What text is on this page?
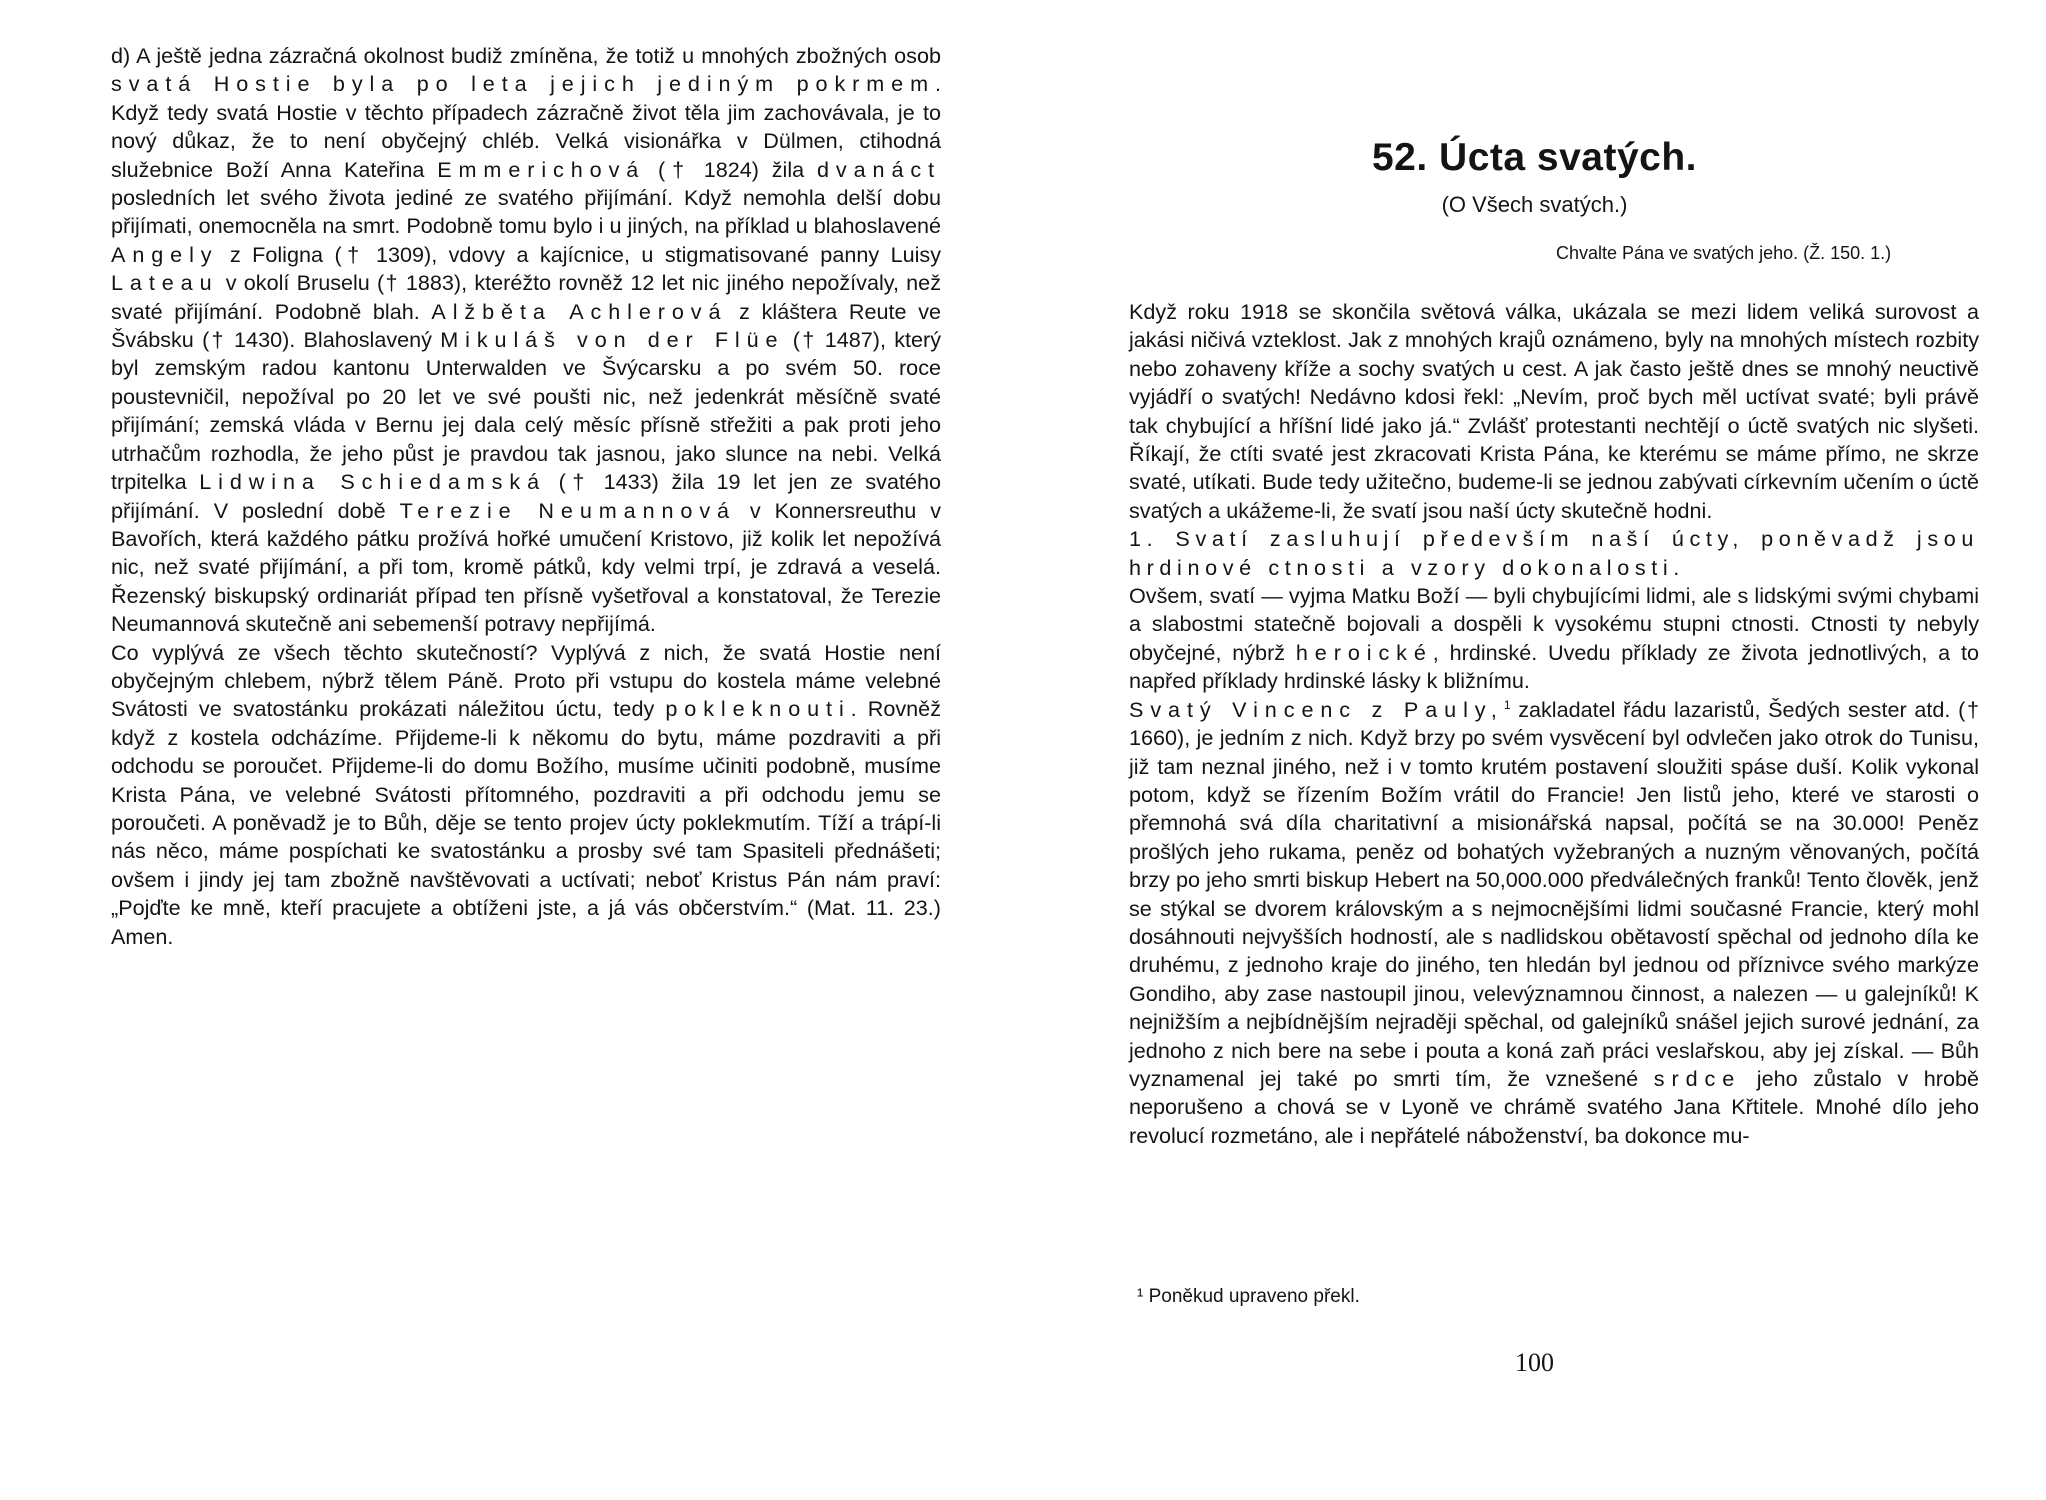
d) A ještě jedna zázračná okolnost budiž zmíněna, že totiž u mnohých zbožných osob svatá Hostie byla po leta jejich jediným pokrmem. Když tedy svatá Hostie v těchto případech zázračně život těla jim zachovávala, je to nový důkaz, že to není obyčejný chléb. Velká visionářka v Dülmen, ctihodná služebnice Boží Anna Kateřina Emmerichová († 1824) žila dvanáct posledních let svého života jediné ze svatého přijímání. Když nemohla delší dobu přijímati, onemocněla na smrt. Podobně tomu bylo i u jiných, na příklad u blahoslavené Angely z Foligna († 1309), vdovy a kajícnice, u stigmatisované panny Luisy Lateau v okolí Bruselu († 1883), kteréžto rovněž 12 let nic jiného nepožívaly, než svaté přijímání. Podobně blah. Alžběta Achlerová z kláštera Reute ve Švábsku († 1430). Blahoslavený Mikuláš von der Flüe († 1487), který byl zemským radou kantonu Unterwalden ve Švýcarsku a po svém 50. roce poustevničil, nepožíval po 20 let ve své poušti nic, než jedenkrát měsíčně svaté přijímání; zemská vláda v Bernu jej dala celý měsíc přísně střežiti a pak proti jeho utrhačům rozhodla, že jeho půst je pravdou tak jasnou, jako slunce na nebi. Velká trpitelka Lidwina Schiedamská († 1433) žila 19 let jen ze svatého přijímání. V poslední době Terezie Neumannová v Konnersreuthu v Bavořích, která každého pátku prožívá hořké umučení Kristovo, již kolik let nepožívá nic, než svaté přijímání, a při tom, kromě pátků, kdy velmi trpí, je zdravá a veselá. Řezenský biskupský ordinariát případ ten přísně vyšetřoval a konstatoval, že Terezie Neumannová skutečně ani sebemenší potravy nepřijímá.

Co vyplývá ze všech těchto skutečností? Vyplývá z nich, že svatá Hostie není obyčejným chlebem, nýbrž tělem Páně. Proto při vstupu do kostela máme velebné Svátosti ve svatostánku prokázati náležitou úctu, tedy pokleknouti. Rovněž když z kostela odcházíme. Přijdeme-li k někomu do bytu, máme pozdraviti a při odchodu se poroučet. Přijdeme-li do domu Božího, musíme učiniti podobně, musíme Krista Pána, ve velebné Svátosti přítomného, pozdraviti a při odchodu jemu se poroučeti. A poněvadž je to Bůh, děje se tento projev úcty poklekmutím. Tíží a trápí-li nás něco, máme pospíchati ke svatostánku a prosby své tam Spasiteli přednášeti; ovšem i jindy jej tam zbožně navštěvovati a uctívati; neboť Kristus Pán nám praví: „Pojďte ke mně, kteří pracujete a obtíženi jste, a já vás občerstvím.“ (Mat. 11. 23.) Amen.

52. Úcta svatých.
(O Všech svatých.)
Chvalte Pána ve svatých jeho. (Ž. 150. 1.)

Když roku 1918 se skončila světová válka, ukázala se mezi lidem veliká surovost a jakási ničivá vzteklost. Jak z mnohých krajů oznámeno, byly na mnohých místech rozbity nebo zohaveny kříže a sochy svatých u cest. A jak často ještě dnes se mnohý neuctivě vyjádří o svatých! Nedávno kdosi řekl: „Nevím, proč bych měl uctívat svaté; byli právě tak chybující a hříšní lidé jako já.“ Zvlášť protestanti nechtějí o úctě svatých nic slyšeti. Říkají, že ctíti svaté jest zkracovati Krista Pána, ke kterému se máme přímo, ne skrze svaté, utíkati. Bude tedy užitečno, budeme-li se jednou zabývati církevním učením o úctě svatých a ukážeme-li, že svatí jsou naší úcty skutečně hodni.

1. Svatí zasluhují především naší úcty, poněvadž jsou hrdinové ctnosti a vzory dokonalosti.

Ovšem, svatí — vyjma Matku Boží — byli chybujícími lidmi, ale s lidskými svými chybami a slabostmi statečně bojovali a dospěli k vysokému stupni ctnosti. Ctnosti ty nebyly obyčejné, nýbrž heroické, hrdinské. Uvedu příklady ze života jednotlivých, a to napřed příklady hrdinské lásky k bližnímu.

Svatý Vincenc z Pauly,$^1$ zakladatel řádu lazaristů, Šedých sester atd. († 1660), je jedním z nich. Když brzy po svém vysvěcení byl odvlečen jako otrok do Tunisu, již tam neznal jiného, než i v tomto krutém postavení sloužiti spáse duší. Kolik vykonal potom, když se řízením Božím vrátil do Francie! Jen listů jeho, které ve starosti o přemnohá svá díla charitativní a misionářská napsal, počítá se na 30.000! Peněz prošlých jeho rukama, peněz od bohatých vyžebraných a nuzným věnovaných, počítá brzy po jeho smrti biskup Hebert na 50,000.000 předválečných franků! Tento člověk, jenž se stýkal se dvorem královským a s nejmocnějšími lidmi současné Francie, který mohl dosáhnouti nejvyšších hodností, ale s nadlidskou obětavostí spěchal od jednoho díla ke druhému, z jednoho kraje do jiného, ten hledán byl jednou od příznivce svého markýze Gondiho, aby zase nastoupil jinou, velevýznamnou činnost, a nalezen — u galejníků! K nejnižším a nejbídnějším nejraději spěchal, od galejníků snášel jejich surové jednání, za jednoho z nich bere na sebe i pouta a koná zaň práci veslařskou, aby jej získal. — Bůh vyznamenal jej také po smrti tím, že vznešené srdce jeho zůstalo v hrobě neporušeno a chová se v Lyoně ve chrámě svatého Jana Křtitele. Mnohé dílo jeho revolucí rozmetáno, ale i nepřátelé náboženství, ba dokonce mu-

¹ Poněkud upraveno překl.
100
